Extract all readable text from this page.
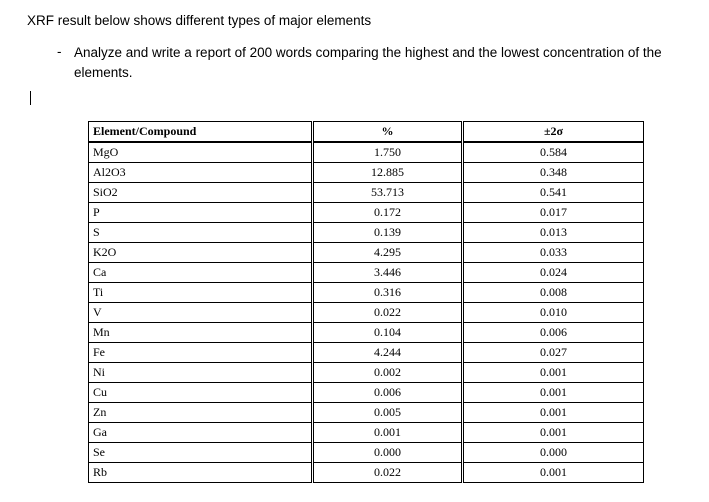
XRF result below shows different types of major elements
- Analyze and write a report of 200 words comparing the highest and the lowest concentration of the elements.
Element/Compound	%	±2σ
MgO	1.750	0.584
Al2O3	12.885	0.348
SiO2	53.713	0.541
P	0.172	0.017
S	0.139	0.013
K2O	4.295	0.033
Ca	3.446	0.024
Ti	0.316	0.008
V	0.022	0.010
Mn	0.104	0.006
Fe	4.244	0.027
Ni	0.002	0.001
Cu	0.006	0.001
Zn	0.005	0.001
Ga	0.001	0.001
Se	0.000	0.000
Rb	0.022	0.001
